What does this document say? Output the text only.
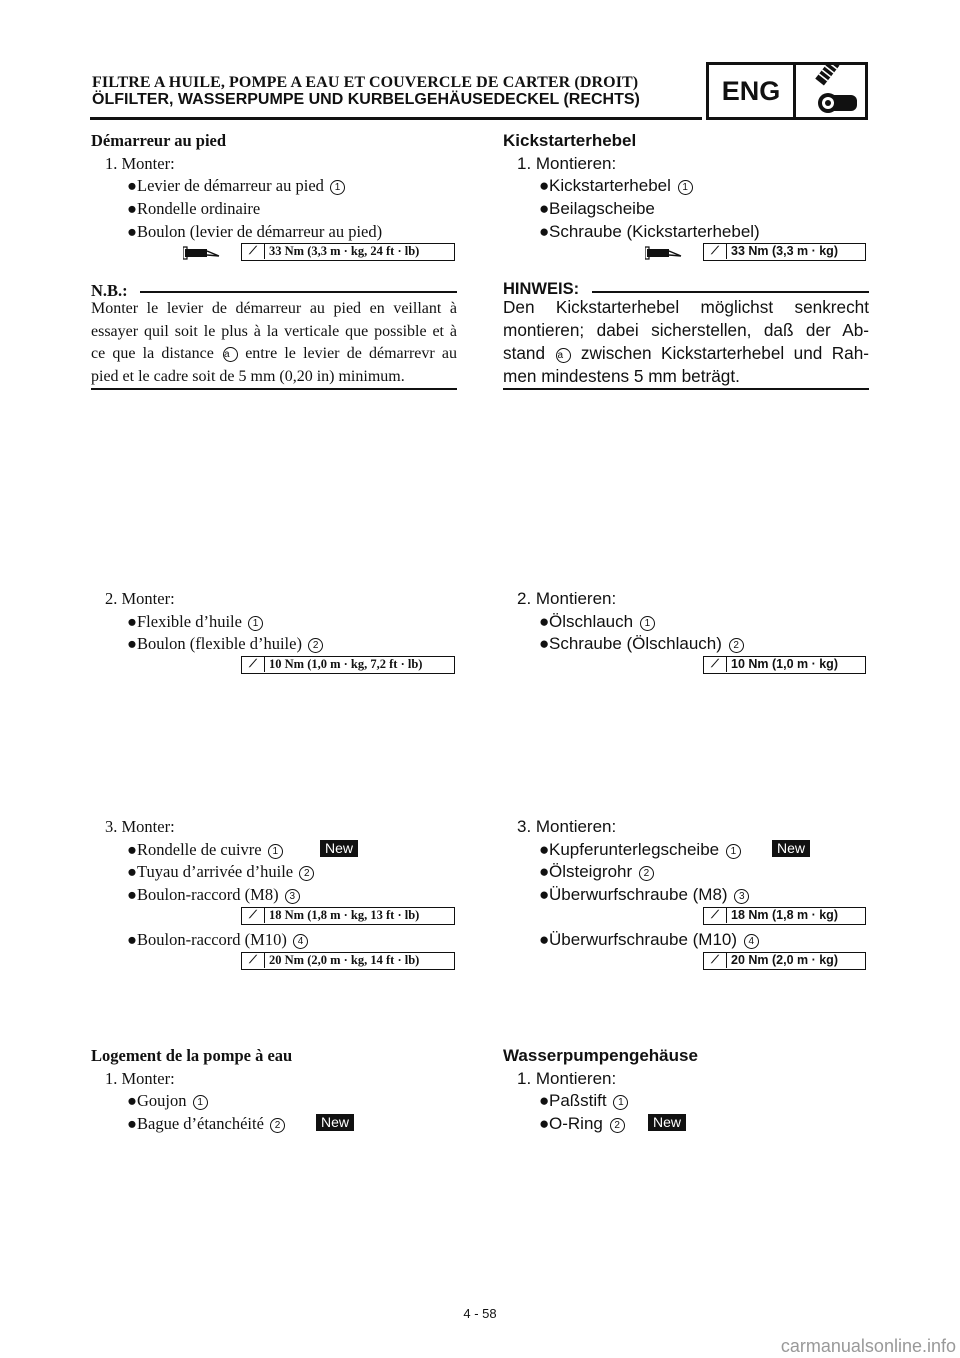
FILTRE A HUILE, POMPE A EAU ET COUVERCLE DE CARTER (DROIT)
ÖLFILTER, WASSERPUMPE UND KURBELGEHÄUSEDECKEL (RECHTS)	ENG
Démarreur au pied
1. Monter:
●Levier de démarreur au pied 1
●Rondelle ordinaire
●Boulon (levier de démarreur au pied)
⟋ 33 Nm (3,3 m · kg, 24 ft · lb)
N.B.:
Monter le levier de démarreur au pied en veillant à
essayer quil soit le plus à la verticale que possible et à
ce que la distance a entre le levier de démarrevr au
pied et le cadre soit de 5 mm (0,20 in) minimum.
2. Monter:
●Flexible d’huile 1
●Boulon (flexible d’huile) 2
⟋ 10 Nm (1,0 m · kg, 7,2 ft · lb)
3. Monter:
●Rondelle de cuivre 1
●Tuyau d’arrivée d’huile 2
●Boulon-raccord (M8) 3
New
⟋ 18 Nm (1,8 m · kg, 13 ft · lb)
●Boulon-raccord (M10) 4
⟋ 20 Nm (2,0 m · kg, 14 ft · lb)
Logement de la pompe à eau
1. Monter:
●Goujon 1
●Bague d’étanchéité 2	New
Kickstarterhebel
1. Montieren:
●Kickstarterhebel 1
●Beilagscheibe
●Schraube (Kickstarterhebel)
⟋ 33 Nm (3,3 m · kg)
HINWEIS:
Den Kickstarterhebel möglichst senkrecht
montieren; dabei sicherstellen, daß der Ab-
stand a zwischen Kickstarterhebel und Rah-
men mindestens 5 mm beträgt.
2. Montieren:
●Ölschlauch 1
●Schraube (Ölschlauch) 2
⟋ 10 Nm (1,0 m · kg)
3. Montieren:
●Kupferunterlegscheibe 1
●Ölsteigrohr 2
●Überwurfschraube (M8) 3
New
⟋ 18 Nm (1,8 m · kg)
●Überwurfschraube (M10) 4
⟋ 20 Nm (2,0 m · kg)
Wasserpumpengehäuse
1. Montieren:
●Paßstift 1
●O-Ring 2	New
4 - 58
carmanualsonline.info
